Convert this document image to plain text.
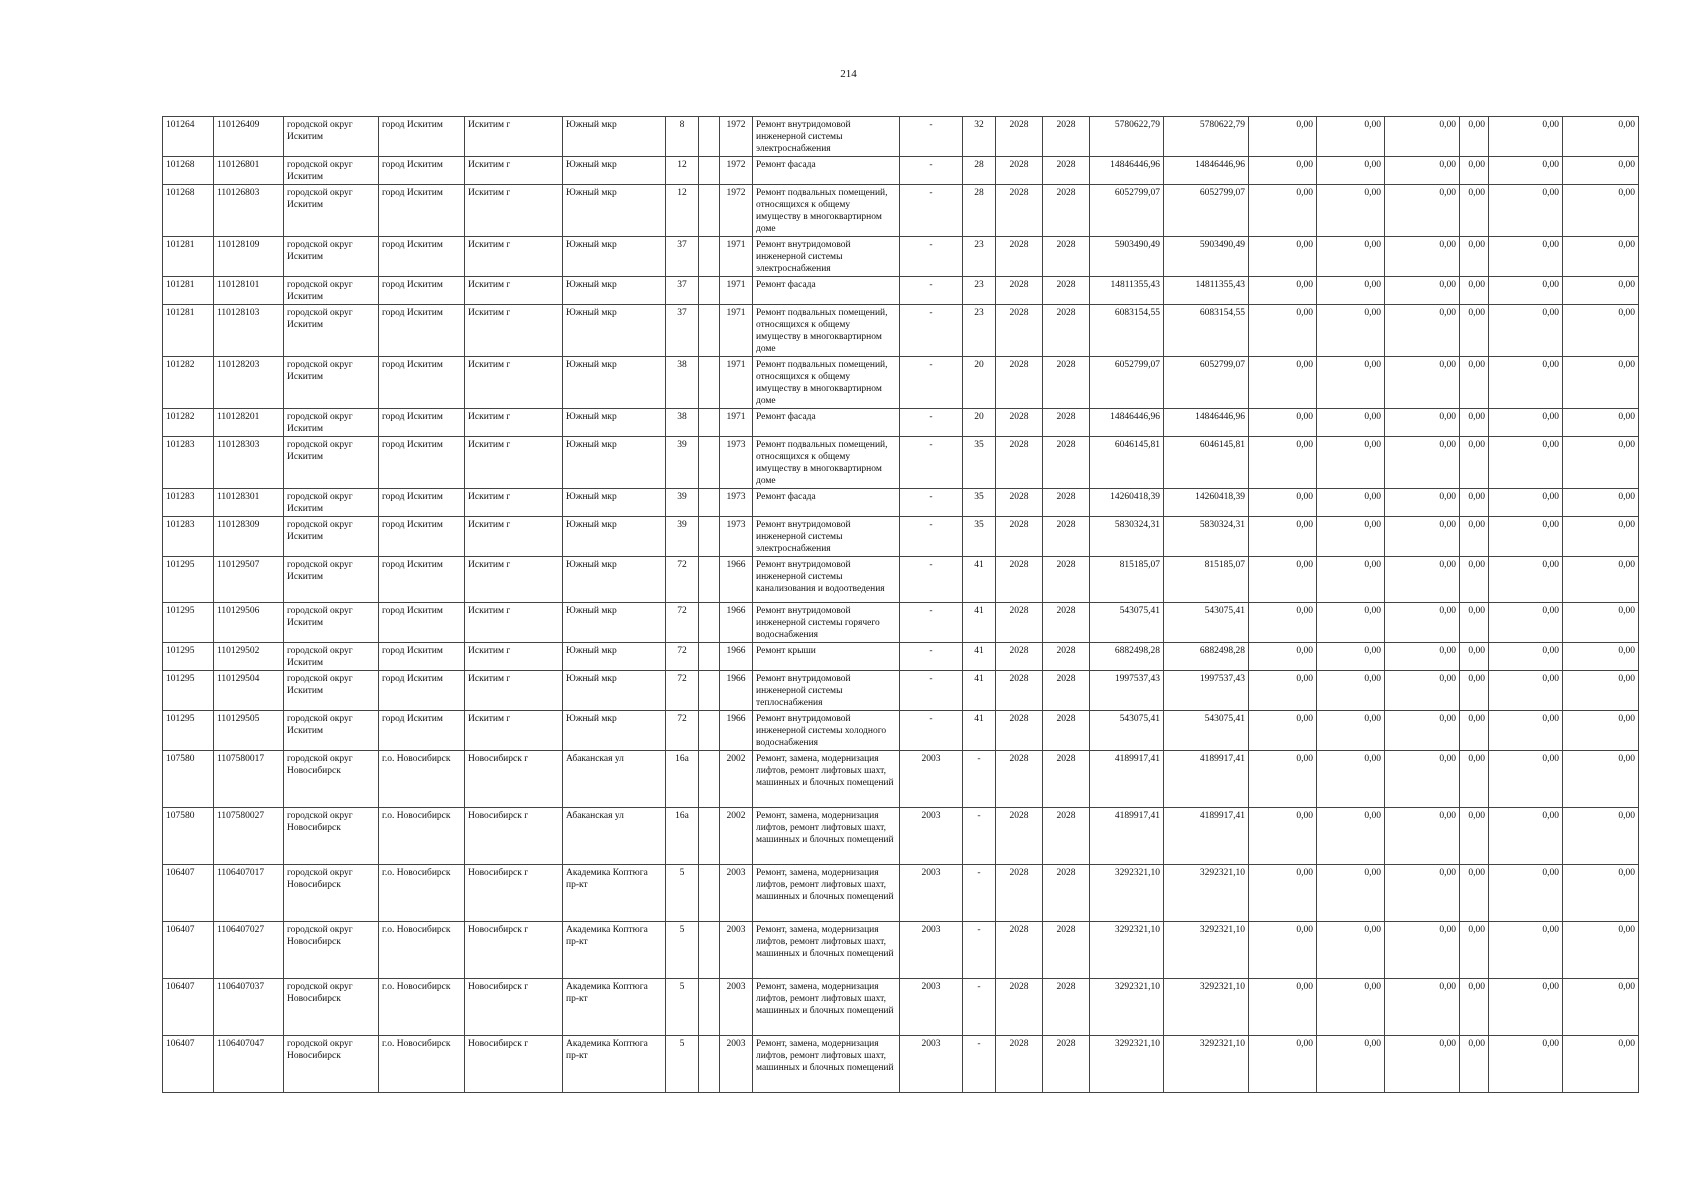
214
101264	110126409	городской округ Искитим	город Искитим	Искитим г	Южный мкр	8		1972	Ремонт внутридомовой инженерной системы электроснабжения	-	32	2028	2028	5780622,79	5780622,79	0,00	0,00	0,00	0,00	0,00	0,00
101268	110126801	городской округ Искитим	город Искитим	Искитим г	Южный мкр	12		1972	Ремонт фасада	-	28	2028	2028	14846446,96	14846446,96	0,00	0,00	0,00	0,00	0,00	0,00
101268	110126803	городской округ Искитим	город Искитим	Искитим г	Южный мкр	12		1972	Ремонт подвальных помещений, относящихся к общему имуществу в многоквартирном доме	-	28	2028	2028	6052799,07	6052799,07	0,00	0,00	0,00	0,00	0,00	0,00
101281	110128109	городской округ Искитим	город Искитим	Искитим г	Южный мкр	37		1971	Ремонт внутридомовой инженерной системы электроснабжения	-	23	2028	2028	5903490,49	5903490,49	0,00	0,00	0,00	0,00	0,00	0,00
101281	110128101	городской округ Искитим	город Искитим	Искитим г	Южный мкр	37		1971	Ремонт фасада	-	23	2028	2028	14811355,43	14811355,43	0,00	0,00	0,00	0,00	0,00	0,00
101281	110128103	городской округ Искитим	город Искитим	Искитим г	Южный мкр	37		1971	Ремонт подвальных помещений, относящихся к общему имуществу в многоквартирном доме	-	23	2028	2028	6083154,55	6083154,55	0,00	0,00	0,00	0,00	0,00	0,00
101282	110128203	городской округ Искитим	город Искитим	Искитим г	Южный мкр	38		1971	Ремонт подвальных помещений, относящихся к общему имуществу в многоквартирном доме	-	20	2028	2028	6052799,07	6052799,07	0,00	0,00	0,00	0,00	0,00	0,00
101282	110128201	городской округ Искитим	город Искитим	Искитим г	Южный мкр	38		1971	Ремонт фасада	-	20	2028	2028	14846446,96	14846446,96	0,00	0,00	0,00	0,00	0,00	0,00
101283	110128303	городской округ Искитим	город Искитим	Искитим г	Южный мкр	39		1973	Ремонт подвальных помещений, относящихся к общему имуществу в многоквартирном доме	-	35	2028	2028	6046145,81	6046145,81	0,00	0,00	0,00	0,00	0,00	0,00
101283	110128301	городской округ Искитим	город Искитим	Искитим г	Южный мкр	39		1973	Ремонт фасада	-	35	2028	2028	14260418,39	14260418,39	0,00	0,00	0,00	0,00	0,00	0,00
101283	110128309	городской округ Искитим	город Искитим	Искитим г	Южный мкр	39		1973	Ремонт внутридомовой инженерной системы электроснабжения	-	35	2028	2028	5830324,31	5830324,31	0,00	0,00	0,00	0,00	0,00	0,00
101295	110129507	городской округ Искитим	город Искитим	Искитим г	Южный мкр	72		1966	Ремонт внутридомовой инженерной системы канализования и водоотведения	-	41	2028	2028	815185,07	815185,07	0,00	0,00	0,00	0,00	0,00	0,00
101295	110129506	городской округ Искитим	город Искитим	Искитим г	Южный мкр	72		1966	Ремонт внутридомовой инженерной системы горячего водоснабжения	-	41	2028	2028	543075,41	543075,41	0,00	0,00	0,00	0,00	0,00	0,00
101295	110129502	городской округ Искитим	город Искитим	Искитим г	Южный мкр	72		1966	Ремонт крыши	-	41	2028	2028	6882498,28	6882498,28	0,00	0,00	0,00	0,00	0,00	0,00
101295	110129504	городской округ Искитим	город Искитим	Искитим г	Южный мкр	72		1966	Ремонт внутридомовой инженерной системы теплоснабжения	-	41	2028	2028	1997537,43	1997537,43	0,00	0,00	0,00	0,00	0,00	0,00
101295	110129505	городской округ Искитим	город Искитим	Искитим г	Южный мкр	72		1966	Ремонт внутридомовой инженерной системы холодного водоснабжения	-	41	2028	2028	543075,41	543075,41	0,00	0,00	0,00	0,00	0,00	0,00
107580	1107580017	городской округ Новосибирск	г.о. Новосибирск	Новосибирск г	Абаканская ул	16а		2002	Ремонт, замена, модернизация лифтов, ремонт лифтовых шахт, машинных и блочных помещений	2003	-	2028	2028	4189917,41	4189917,41	0,00	0,00	0,00	0,00	0,00	0,00
107580	1107580027	городской округ Новосибирск	г.о. Новосибирск	Новосибирск г	Абаканская ул	16а		2002	Ремонт, замена, модернизация лифтов, ремонт лифтовых шахт, машинных и блочных помещений	2003	-	2028	2028	4189917,41	4189917,41	0,00	0,00	0,00	0,00	0,00	0,00
106407	1106407017	городской округ Новосибирск	г.о. Новосибирск	Новосибирск г	Академика Коптюга пр-кт	5		2003	Ремонт, замена, модернизация лифтов, ремонт лифтовых шахт, машинных и блочных помещений	2003	-	2028	2028	3292321,10	3292321,10	0,00	0,00	0,00	0,00	0,00	0,00
106407	1106407027	городской округ Новосибирск	г.о. Новосибирск	Новосибирск г	Академика Коптюга пр-кт	5		2003	Ремонт, замена, модернизация лифтов, ремонт лифтовых шахт, машинных и блочных помещений	2003	-	2028	2028	3292321,10	3292321,10	0,00	0,00	0,00	0,00	0,00	0,00
106407	1106407037	городской округ Новосибирск	г.о. Новосибирск	Новосибирск г	Академика Коптюга пр-кт	5		2003	Ремонт, замена, модернизация лифтов, ремонт лифтовых шахт, машинных и блочных помещений	2003	-	2028	2028	3292321,10	3292321,10	0,00	0,00	0,00	0,00	0,00	0,00
106407	1106407047	городской округ Новосибирск	г.о. Новосибирск	Новосибирск г	Академика Коптюга пр-кт	5		2003	Ремонт, замена, модернизация лифтов, ремонт лифтовых шахт, машинных и блочных помещений	2003	-	2028	2028	3292321,10	3292321,10	0,00	0,00	0,00	0,00	0,00	0,00
